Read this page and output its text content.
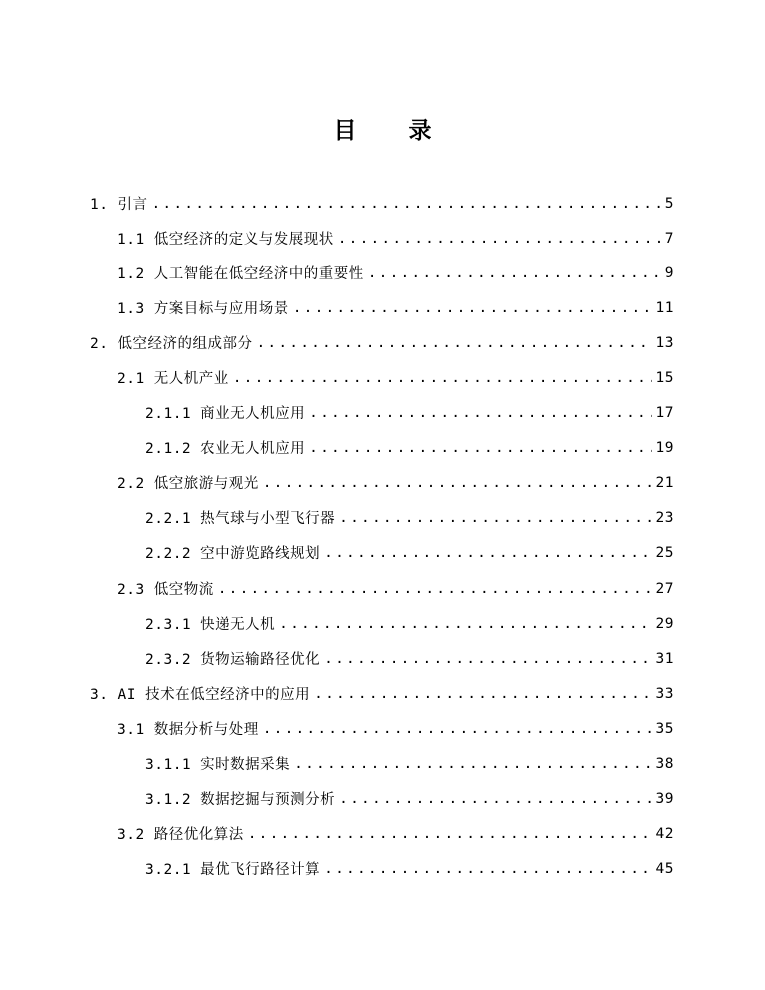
目 录
1. 引言 .....	5
1.1 低空经济的定义与发展现状 .....	7
1.2 人工智能在低空经济中的重要性 .....	9
1.3 方案目标与应用场景 .....	11
2. 低空经济的组成部分 .....	13
2.1 无人机产业 .....	15
2.1.1 商业无人机应用 .....	17
2.1.2 农业无人机应用 .....	19
2.2 低空旅游与观光 .....	21
2.2.1 热气球与小型飞行器 .....	23
2.2.2 空中游览路线规划 .....	25
2.3 低空物流 .....	27
2.3.1 快递无人机 .....	29
2.3.2 货物运输路径优化 .....	31
3. AI 技术在低空经济中的应用 .....	33
3.1 数据分析与处理 .....	35
3.1.1 实时数据采集 .....	38
3.1.2 数据挖掘与预测分析 .....	39
3.2 路径优化算法 .....	42
3.2.1 最优飞行路径计算 .....	45
